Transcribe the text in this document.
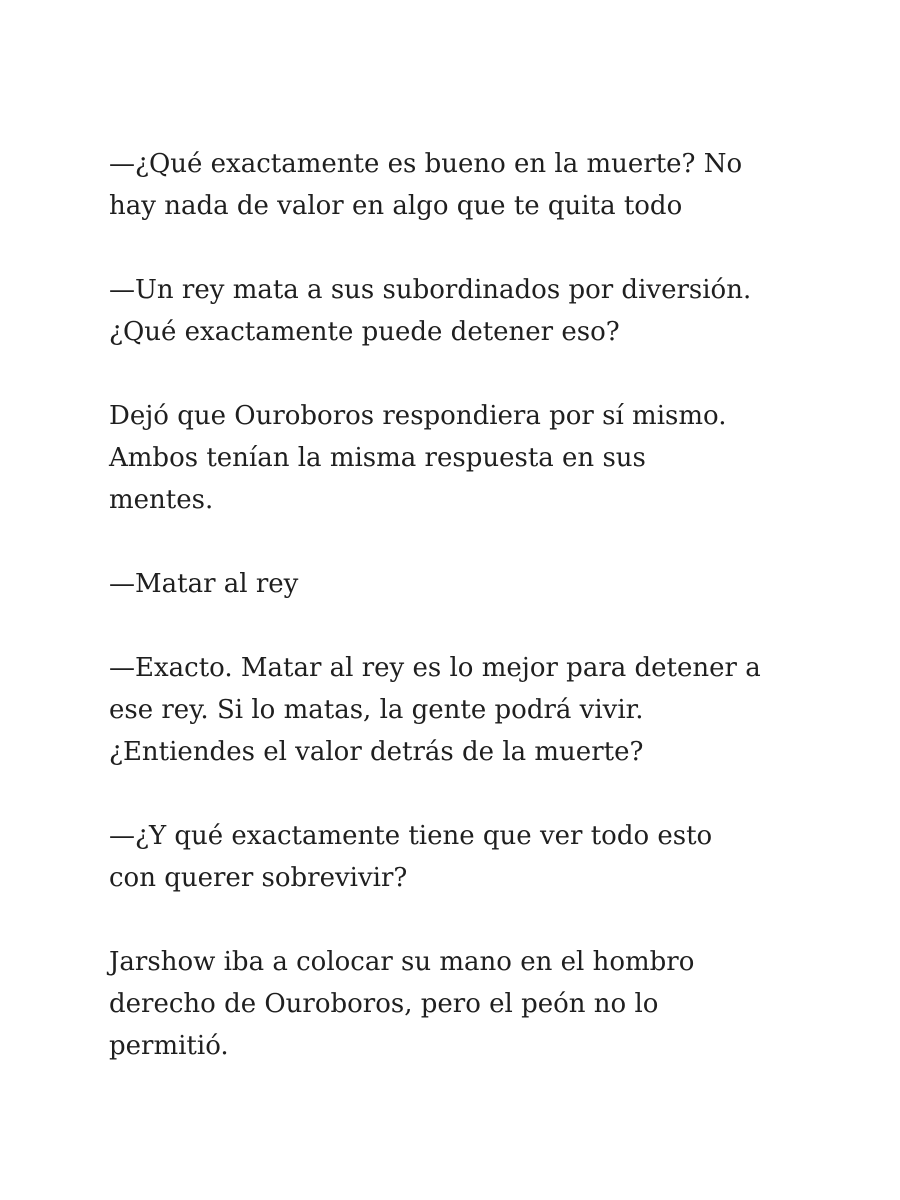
—¿Qué exactamente es bueno en la muerte? No
hay nada de valor en algo que te quita todo

—Un rey mata a sus subordinados por diversión.
¿Qué exactamente puede detener eso?

Dejó que Ouroboros respondiera por sí mismo.
Ambos tenían la misma respuesta en sus
mentes.

—Matar al rey

—Exacto. Matar al rey es lo mejor para detener a
ese rey. Si lo matas, la gente podrá vivir.
¿Entiendes el valor detrás de la muerte?

—¿Y qué exactamente tiene que ver todo esto
con querer sobrevivir?

Jarshow iba a colocar su mano en el hombro
derecho de Ouroboros, pero el peón no lo
permitió.
